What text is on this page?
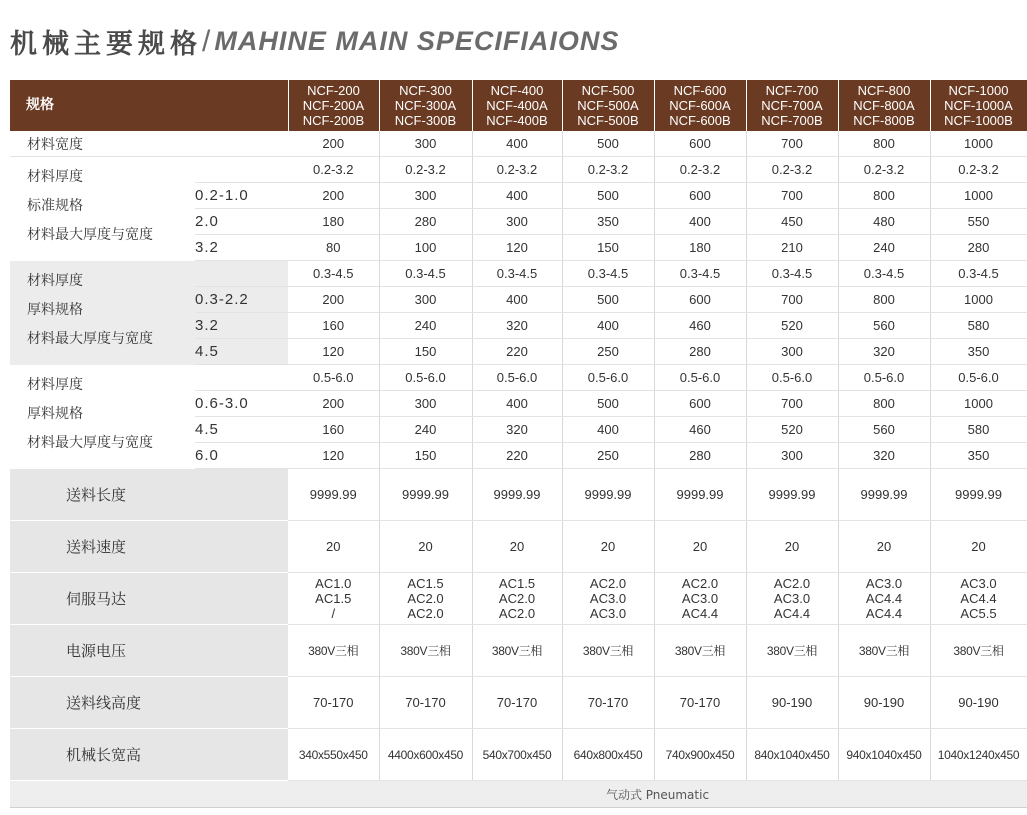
机械主要规格/ MAHINE MAIN SPECIFIAIONS
规格		NCF-200
NCF-200A
NCF-200B	NCF-300
NCF-300A
NCF-300B	NCF-400
NCF-400A
NCF-400B	NCF-500
NCF-500A
NCF-500B	NCF-600
NCF-600A
NCF-600B	NCF-700
NCF-700A
NCF-700B	NCF-800
NCF-800A
NCF-800B	NCF-1000
NCF-1000A
NCF-1000B

材料宽度		200	300	400	500	600	700	800	1000

材料厚度
标准规格
材料最大厚度与宽度		0.2-3.2	0.2-3.2	0.2-3.2	0.2-3.2	0.2-3.2	0.2-3.2	0.2-3.2	0.2-3.2
	0.2-1.0	200	300	400	500	600	700	800	1000
	2.0	180	280	300	350	400	450	480	550
	3.2	80	100	120	150	180	210	240	280

材料厚度
厚料规格
材料最大厚度与宽度		0.3-4.5	0.3-4.5	0.3-4.5	0.3-4.5	0.3-4.5	0.3-4.5	0.3-4.5	0.3-4.5
	0.3-2.2	200	300	400	500	600	700	800	1000
	3.2	160	240	320	400	460	520	560	580
	4.5	120	150	220	250	280	300	320	350

材料厚度
厚料规格
材料最大厚度与宽度		0.5-6.0	0.5-6.0	0.5-6.0	0.5-6.0	0.5-6.0	0.5-6.0	0.5-6.0	0.5-6.0
	0.6-3.0	200	300	400	500	600	700	800	1000
	4.5	160	240	320	400	460	520	560	580
	6.0	120	150	220	250	280	300	320	350
送料长度		9999.99	9999.99	9999.99	9999.99	9999.99	9999.99	9999.99	9999.99
送料速度		20	20	20	20	20	20	20	20
伺服马达		AC1.0
AC1.5
/	AC1.5
AC2.0
AC2.0	AC1.5
AC2.0
AC2.0	AC2.0
AC3.0
AC3.0	AC2.0
AC3.0
AC4.4	AC2.0
AC3.0
AC4.4	AC3.0
AC4.4
AC4.4	AC3.0
AC4.4
AC5.5

电源电压		380V三相	380V三相	380V三相	380V三相	380V三相	380V三相	380V三相	380V三相
送料线高度		70-170	70-170	70-170	70-170	70-170	90-190	90-190	90-190
机械长宽高		340x550x450	4400x600x450	540x700x450	640x800x450	740x900x450	840x1040x450	940x1040x450	1040x1240x450
		气动式 Pneumatic							
